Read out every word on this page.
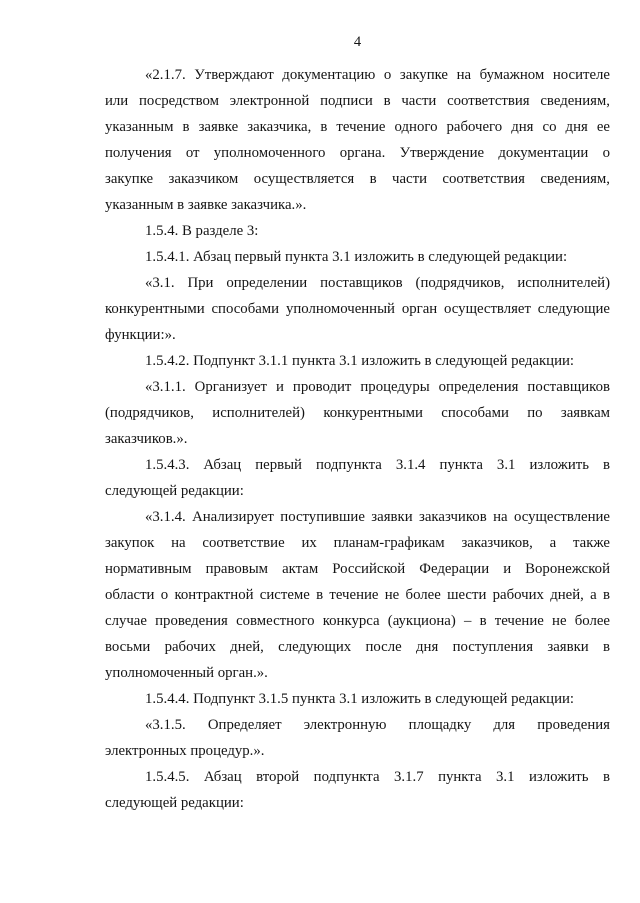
4
«2.1.7. Утверждают документацию о закупке на бумажном носителе
или посредством электронной подписи в части соответствия сведениям,
указанным в заявке заказчика, в течение одного рабочего дня со дня ее
получения от уполномоченного органа. Утверждение документации о
закупке заказчиком осуществляется в части соответствия сведениям,
указанным в заявке заказчика.».
1.5.4. В разделе 3:
1.5.4.1. Абзац первый пункта 3.1 изложить в следующей редакции:
«3.1. При определении поставщиков (подрядчиков, исполнителей)
конкурентными способами уполномоченный орган осуществляет следующие
функции:».
1.5.4.2. Подпункт 3.1.1 пункта 3.1 изложить в следующей редакции:
«3.1.1. Организует и проводит процедуры определения поставщиков
(подрядчиков, исполнителей) конкурентными способами по заявкам
заказчиков.».
1.5.4.3. Абзац первый подпункта 3.1.4 пункта 3.1 изложить в
следующей редакции:
«3.1.4. Анализирует поступившие заявки заказчиков на осуществление
закупок на соответствие их планам-графикам заказчиков, а также
нормативным правовым актам Российской Федерации и Воронежской
области о контрактной системе в течение не более шести рабочих дней, а в
случае проведения совместного конкурса (аукциона) – в течение не более
восьми рабочих дней, следующих после дня поступления заявки в
уполномоченный орган.».
1.5.4.4. Подпункт 3.1.5 пункта 3.1 изложить в следующей редакции:
«3.1.5. Определяет электронную площадку для проведения
электронных процедур.».
1.5.4.5. Абзац второй подпункта 3.1.7 пункта 3.1 изложить в
следующей редакции:
